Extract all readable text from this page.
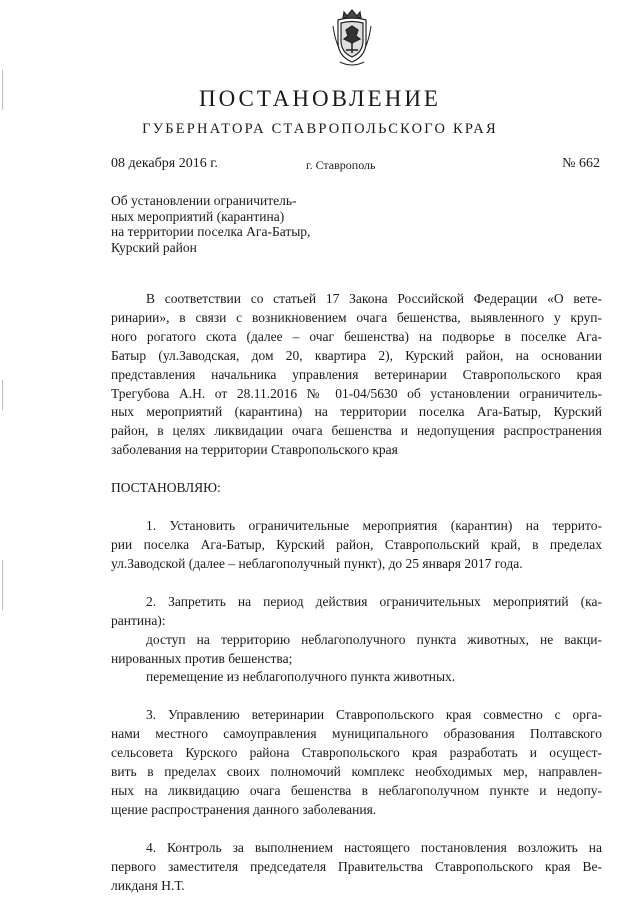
ПОСТАНОВЛЕНИЕ
ГУБЕРНАТОРА СТАВРОПОЛЬСКОГО КРАЯ
08 декабря 2016 г.	г. Ставрополь	№ 662
Об установлении ограничитель-
ных мероприятий (карантина)
на территории поселка Ага-Батыр,
Курский район
В соответствии со статьей 17 Закона Российской Федерации «О вете-
ринарии», в связи с возникновением очага бешенства, выявленного у круп-
ного рогатого скота (далее – очаг бешенства) на подворье в поселке Ага-
Батыр (ул.Заводская, дом 20, квартира 2), Курский район, на основании
представления начальника управления ветеринарии Ставропольского края
Трегубова А.Н. от 28.11.2016 № 01-04/5630 об установлении ограничитель-
ных мероприятий (карантина) на территории поселка Ага-Батыр, Курский
район, в целях ликвидации очага бешенства и недопущения распространения
заболевания на территории Ставропольского края
ПОСТАНОВЛЯЮ:
1. Установить ограничительные мероприятия (карантин) на террито-
рии поселка Ага-Батыр, Курский район, Ставропольский край, в пределах
ул.Заводской (далее – неблагополучный пункт), до 25 января 2017 года.
2. Запретить на период действия ограничительных мероприятий (ка-
рантина):
доступ на территорию неблагополучного пункта животных, не вакци-
нированных против бешенства;
перемещение из неблагополучного пункта животных.
3. Управлению ветеринарии Ставропольского края совместно с орга-
нами местного самоуправления муниципального образования Полтавского
сельсовета Курского района Ставропольского края разработать и осущест-
вить в пределах своих полномочий комплекс необходимых мер, направлен-
ных на ликвидацию очага бешенства в неблагополучном пункте и недопу-
щение распространения данного заболевания.
4. Контроль за выполнением настоящего постановления возложить на
первого заместителя председателя Правительства Ставропольского края Ве-
ликданя Н.Т.
